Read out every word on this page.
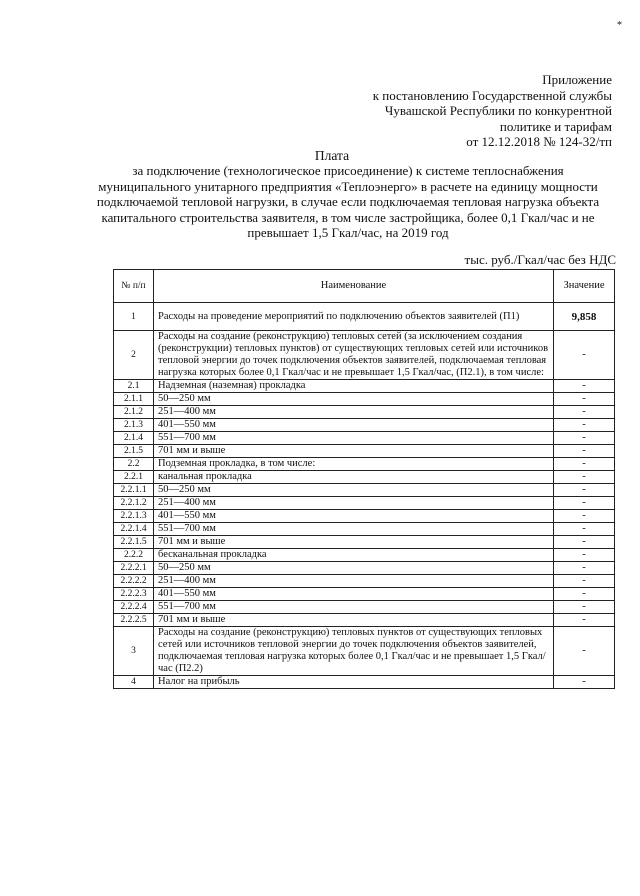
*
Приложение
к постановлению Государственной службы
Чувашской Республики по конкурентной
политике и тарифам
от 12.12.2018 № 124-32/тп
Плата
за подключение (технологическое присоединение) к системе теплоснабжения муниципального унитарного предприятия «Теплоэнерго» в расчете на единицу мощности подключаемой тепловой нагрузки, в случае если подключаемая тепловая нагрузка объекта капитального строительства заявителя, в том числе застройщика, более 0,1 Гкал/час и не превышает 1,5 Гкал/час, на 2019 год
тыс. руб./Гкал/час без НДС
№ п/п	Наименование	Значение
1	Расходы на проведение мероприятий по подключению объектов заявителей (П1)	9,858
2	Расходы на создание (реконструкцию) тепловых сетей (за исключением создания (реконструкции) тепловых пунктов) от существующих тепловых сетей или источников тепловой энергии до точек подключения объектов заявителей, подключаемая тепловая нагрузка которых более 0,1 Гкал/час и не превышает 1,5 Гкал/час, (П2.1), в том числе:	-
2.1	Надземная (наземная) прокладка	-
2.1.1	50—250 мм	-
2.1.2	251—400 мм	-
2.1.3	401—550 мм	-
2.1.4	551—700 мм	-
2.1.5	701 мм и выше	-
2.2	Подземная прокладка, в том числе:	-
2.2.1	канальная прокладка	-
2.2.1.1	50—250 мм	-
2.2.1.2	251—400 мм	-
2.2.1.3	401—550 мм	-
2.2.1.4	551—700 мм	-
2.2.1.5	701 мм и выше	-
2.2.2	бесканальная прокладка	-
2.2.2.1	50—250 мм	-
2.2.2.2	251—400 мм	-
2.2.2.3	401—550 мм	-
2.2.2.4	551—700 мм	-
2.2.2.5	701 мм и выше	-
3	Расходы на создание (реконструкцию) тепловых пунктов от существующих тепловых сетей или источников тепловой энергии до точек подключения объектов заявителей, подключаемая тепловая нагрузка которых более 0,1 Гкал/час и не превышает 1,5 Гкал/час (П2.2)	-
4	Налог на прибыль	-
